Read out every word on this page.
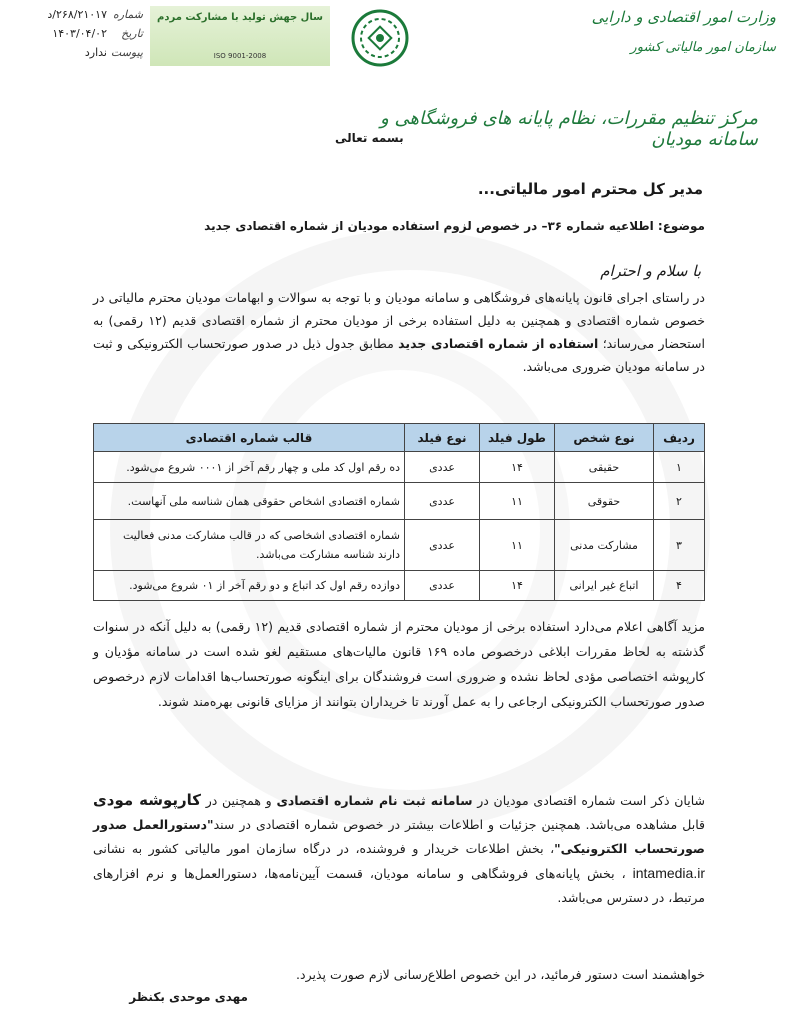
وزارت امور اقتصادی و دارایی
سازمان امور مالیاتی کشور
سال جهش تولید با مشارکت مردم
ISO 9001-2008
شماره
۲۶۸/۲۱۰۱۷/د
تاریخ
۱۴۰۳/۰۴/۰۲
پیوست
ندارد
مرکز تنظیم مقررات، نظام پایانه های فروشگاهی و سامانه مودیان
بسمه تعالی
مدیر کل محترم امور مالیاتی...
موضوع: اطلاعیه شماره ۳۶– در خصوص لزوم استفاده مودیان از شماره اقتصادی جدید
با سلام و احترام
در راستای اجرای قانون پایانه‌های فروشگاهی و سامانه مودیان و با توجه به سوالات و ابهامات مودیان محترم مالیاتی در خصوص شماره اقتصادی و همچنین به دلیل استفاده برخی از مودیان محترم از شماره اقتصادی قدیم (۱۲ رقمی) به استحضار می‌رساند؛ استفاده از شماره اقتصادی جدید مطابق جدول ذیل در صدور صورتحساب الکترونیکی و ثبت در سامانه مودیان ضروری می‌باشد.
ردیف	نوع شخص	طول فیلد	نوع فیلد	قالب شماره اقتصادی
۱	حقیقی	۱۴	عددی	ده رقم اول کد ملی و چهار رقم آخر از ۰۰۰۱ شروع می‌شود.
۲	حقوقی	۱۱	عددی	شماره اقتصادی اشخاص حقوقی همان شناسه ملی آنهاست.
۳	مشارکت مدنی	۱۱	عددی	شماره اقتصادی اشخاصی که در قالب مشارکت مدنی فعالیت دارند شناسه مشارکت می‌باشد.
۴	اتباع غیر ایرانی	۱۴	عددی	دوازده رقم اول کد اتباع و دو رقم آخر از ۰۱ شروع می‌شود.
مزید آگاهی اعلام می‌دارد استفاده برخی از مودیان محترم از شماره اقتصادی قدیم (۱۲ رقمی) به دلیل آنکه در سنوات گذشته به لحاظ مقررات ابلاغی درخصوص ماده ۱۶۹ قانون مالیات‌های مستقیم لغو شده است در سامانه مؤدیان و کارپوشه اختصاصی مؤدی لحاظ نشده و ضروری است فروشندگان برای اینگونه صورتحساب‌ها اقدامات لازم درخصوص صدور صورتحساب الکترونیکی ارجاعی را به عمل آورند تا خریداران بتوانند از مزایای قانونی بهره‌مند شوند.
شایان ذکر است شماره اقتصادی مودیان در سامانه ثبت نام شماره اقتصادی و همچنین در کارپوشه مودی قابل مشاهده می‌باشد. همچنین جزئیات و اطلاعات بیشتر در خصوص شماره اقتصادی در سند"دستورالعمل صدور صورتحساب الکترونیکی"، بخش اطلاعات خریدار و فروشنده، در درگاه سازمان امور مالیاتی کشور به نشانی intamedia.ir ، بخش پایانه‌های فروشگاهی و سامانه مودیان، قسمت آیین‌نامه‌ها، دستورالعمل‌ها و نرم افزارهای مرتبط، در دسترس می‌باشد.
خواهشمند است دستور فرمائید، در این خصوص اطلاع‌رسانی لازم صورت پذیرد.
مهدی موحدی بکنظر
